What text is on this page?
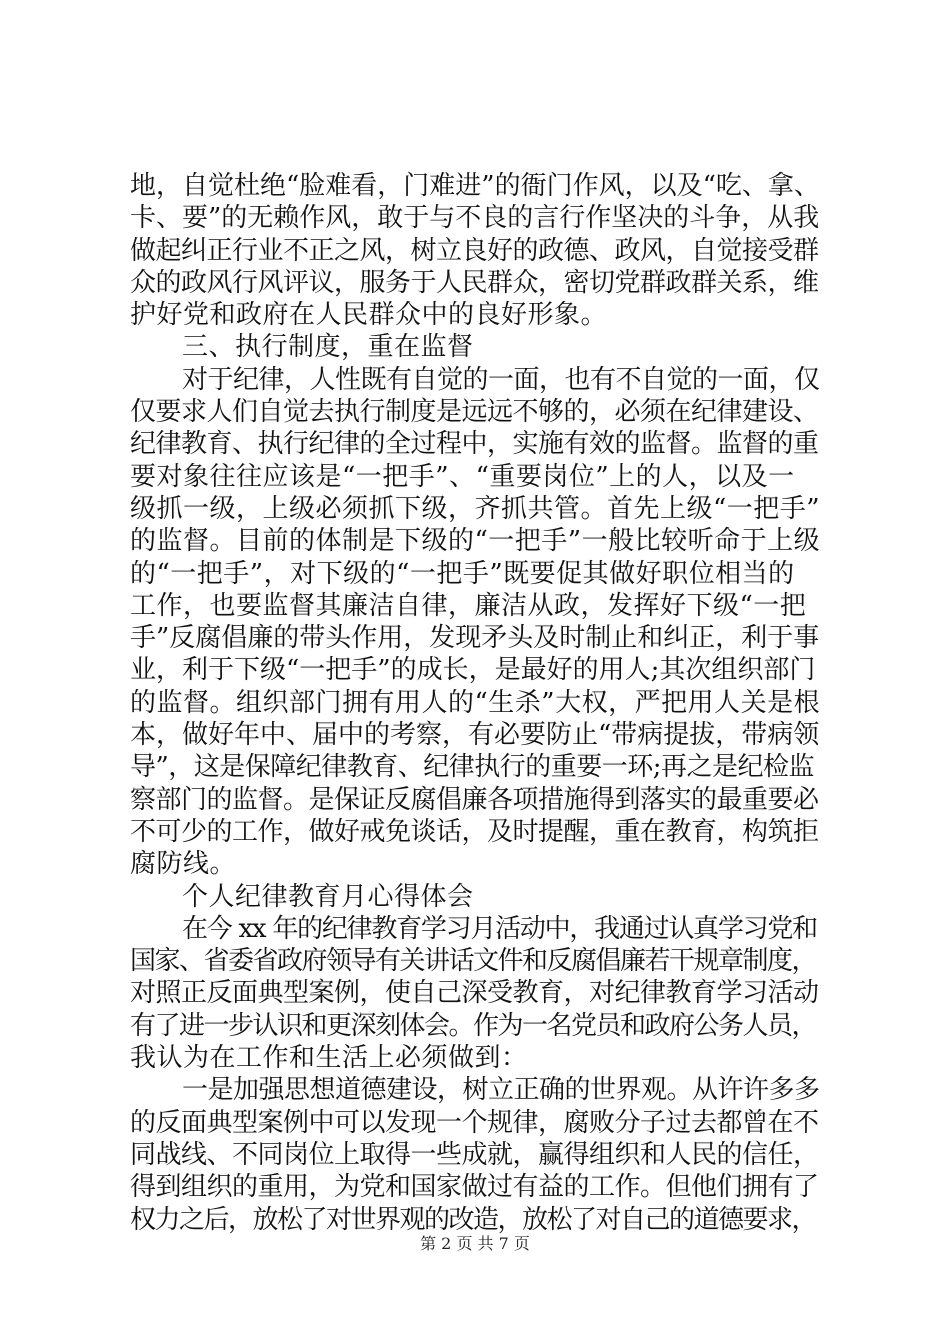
地，自觉杜绝“脸难看，门难进”的衙门作风，以及“吃、拿、
卡、要”的无赖作风，敢于与不良的言行作坚决的斗争，从我
做起纠正行业不正之风，树立良好的政德、政风，自觉接受群
众的政风行风评议，服务于人民群众，密切党群政群关系，维
护好党和政府在人民群众中的良好形象。
三、执行制度，重在监督
对于纪律，人性既有自觉的一面，也有不自觉的一面，仅
仅要求人们自觉去执行制度是远远不够的，必须在纪律建设、
纪律教育、执行纪律的全过程中，实施有效的监督。监督的重
要对象往往应该是“一把手”、“重要岗位”上的人，以及一
级抓一级，上级必须抓下级，齐抓共管。首先上级“一把手”
的监督。目前的体制是下级的“一把手”一般比较听命于上级
的“一把手”，对下级的“一把手”既要促其做好职位相当的
工作，也要监督其廉洁自律，廉洁从政，发挥好下级“一把
手”反腐倡廉的带头作用，发现矛头及时制止和纠正，利于事
业，利于下级“一把手”的成长，是最好的用人;其次组织部门
的监督。组织部门拥有用人的“生杀”大权，严把用人关是根
本，做好年中、届中的考察，有必要防止“带病提拔，带病领
导”，这是保障纪律教育、纪律执行的重要一环;再之是纪检监
察部门的监督。是保证反腐倡廉各项措施得到落实的最重要必
不可少的工作，做好戒免谈话，及时提醒，重在教育，构筑拒
腐防线。
个人纪律教育月心得体会
在今 xx 年的纪律教育学习月活动中，我通过认真学习党和
国家、省委省政府领导有关讲话文件和反腐倡廉若干规章制度，
对照正反面典型案例，使自己深受教育，对纪律教育学习活动
有了进一步认识和更深刻体会。作为一名党员和政府公务人员，
我认为在工作和生活上必须做到：
一是加强思想道德建设，树立正确的世界观。从许许多多
的反面典型案例中可以发现一个规律，腐败分子过去都曾在不
同战线、不同岗位上取得一些成就，赢得组织和人民的信任，
得到组织的重用，为党和国家做过有益的工作。但他们拥有了
权力之后，放松了对世界观的改造，放松了对自己的道德要求，
第 2 页 共 7 页
